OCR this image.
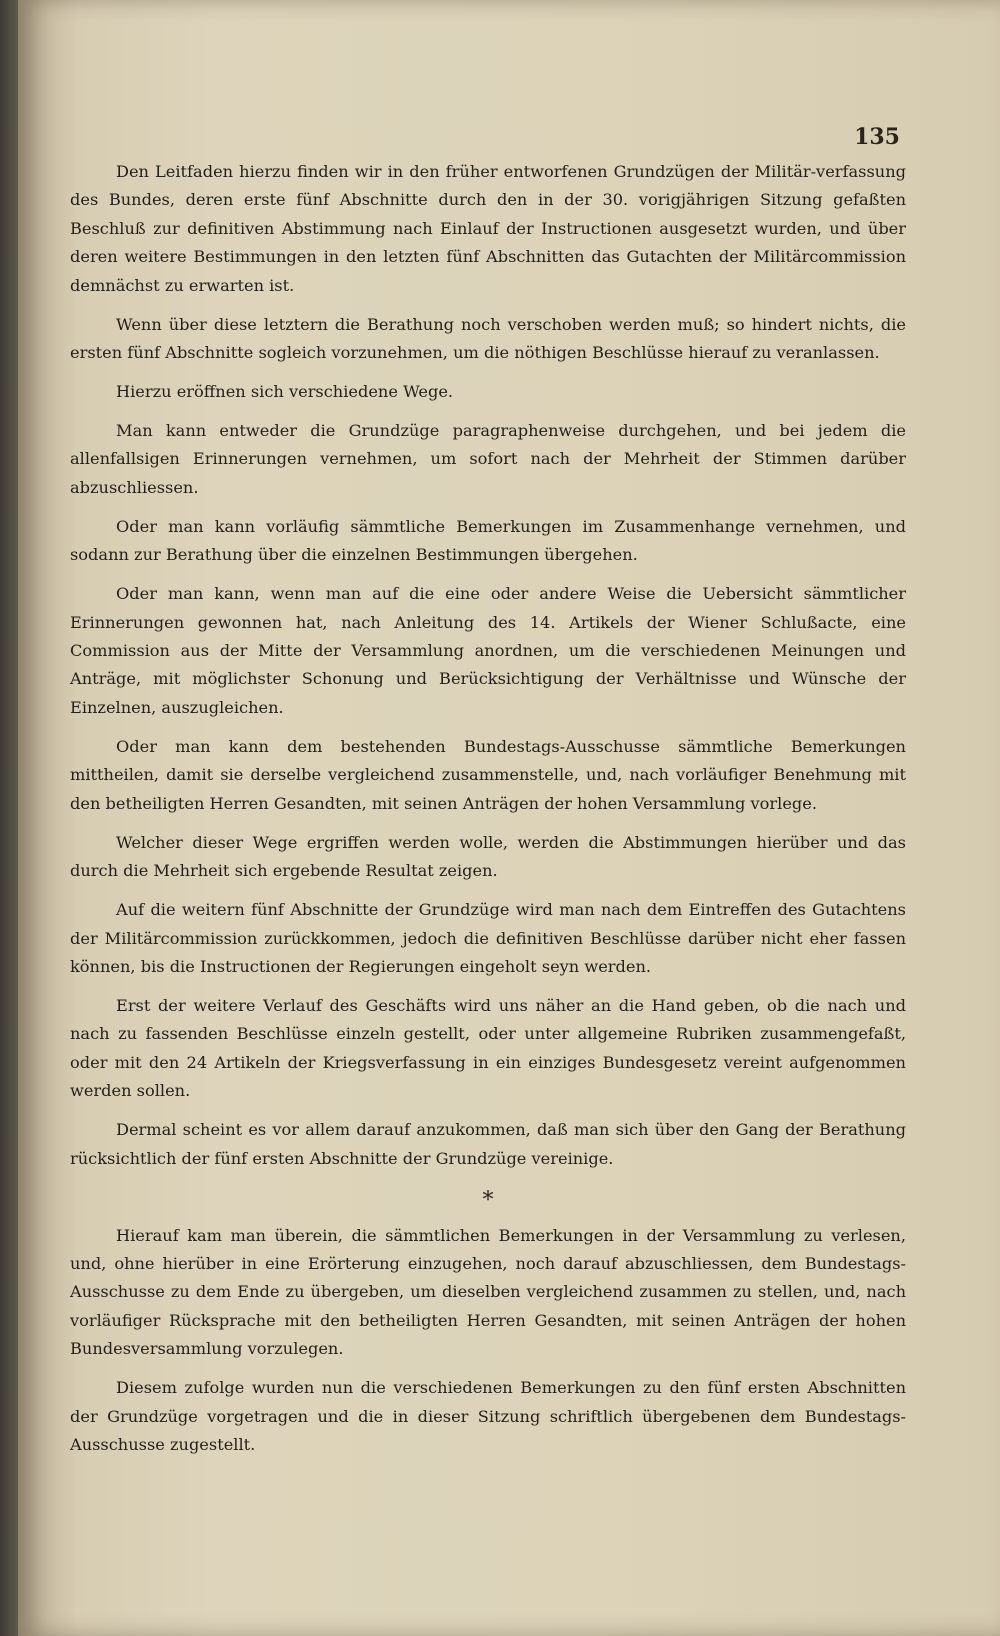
135

Den Leitfaden hierzu finden wir in den früher entworfenen Grundzügen der Militär-verfassung des Bundes, deren erste fünf Abschnitte durch den in der 30. vorigjährigen Sitzung gefaßten Beschluß zur definitiven Abstimmung nach Einlauf der Instructionen ausgesetzt wurden, und über deren weitere Bestimmungen in den letzten fünf Abschnitten das Gutachten der Militärcommission demnächst zu erwarten ist.

Wenn über diese letztern die Berathung noch verschoben werden muß; so hindert nichts, die ersten fünf Abschnitte sogleich vorzunehmen, um die nöthigen Beschlüsse hierauf zu veranlassen.

Hierzu eröffnen sich verschiedene Wege.

Man kann entweder die Grundzüge paragraphenweise durchgehen, und bei jedem die allenfallsigen Erinnerungen vernehmen, um sofort nach der Mehrheit der Stimmen darüber abzuschliessen.

Oder man kann vorläufig sämmtliche Bemerkungen im Zusammenhange vernehmen, und sodann zur Berathung über die einzelnen Bestimmungen übergehen.

Oder man kann, wenn man auf die eine oder andere Weise die Uebersicht sämmtlicher Erinnerungen gewonnen hat, nach Anleitung des 14. Artikels der Wiener Schlußacte, eine Commission aus der Mitte der Versammlung anordnen, um die verschiedenen Meinungen und Anträge, mit möglichster Schonung und Berücksichtigung der Verhältnisse und Wünsche der Einzelnen, auszugleichen.

Oder man kann dem bestehenden Bundestags-Ausschusse sämmtliche Bemerkungen mittheilen, damit sie derselbe vergleichend zusammenstelle, und, nach vorläufiger Benehmung mit den betheiligten Herren Gesandten, mit seinen Anträgen der hohen Versammlung vorlege.

Welcher dieser Wege ergriffen werden wolle, werden die Abstimmungen hierüber und das durch die Mehrheit sich ergebende Resultat zeigen.

Auf die weitern fünf Abschnitte der Grundzüge wird man nach dem Eintreffen des Gutachtens der Militärcommission zurückkommen, jedoch die definitiven Beschlüsse darüber nicht eher fassen können, bis die Instructionen der Regierungen eingeholt seyn werden.

Erst der weitere Verlauf des Geschäfts wird uns näher an die Hand geben, ob die nach und nach zu fassenden Beschlüsse einzeln gestellt, oder unter allgemeine Rubriken zusammengefaßt, oder mit den 24 Artikeln der Kriegsverfassung in ein einziges Bundesgesetz vereint aufgenommen werden sollen.

Dermal scheint es vor allem darauf anzukommen, daß man sich über den Gang der Berathung rücksichtlich der fünf ersten Abschnitte der Grundzüge vereinige.

*

Hierauf kam man überein, die sämmtlichen Bemerkungen in der Versammlung zu verlesen, und, ohne hierüber in eine Erörterung einzugehen, noch darauf abzuschliessen, dem Bundestags-Ausschusse zu dem Ende zu übergeben, um dieselben vergleichend zusammen zu stellen, und, nach vorläufiger Rücksprache mit den betheiligten Herren Gesandten, mit seinen Anträgen der hohen Bundesversammlung vorzulegen.

Diesem zufolge wurden nun die verschiedenen Bemerkungen zu den fünf ersten Abschnitten der Grundzüge vorgetragen und die in dieser Sitzung schriftlich übergebenen dem Bundestags-Ausschusse zugestellt.
